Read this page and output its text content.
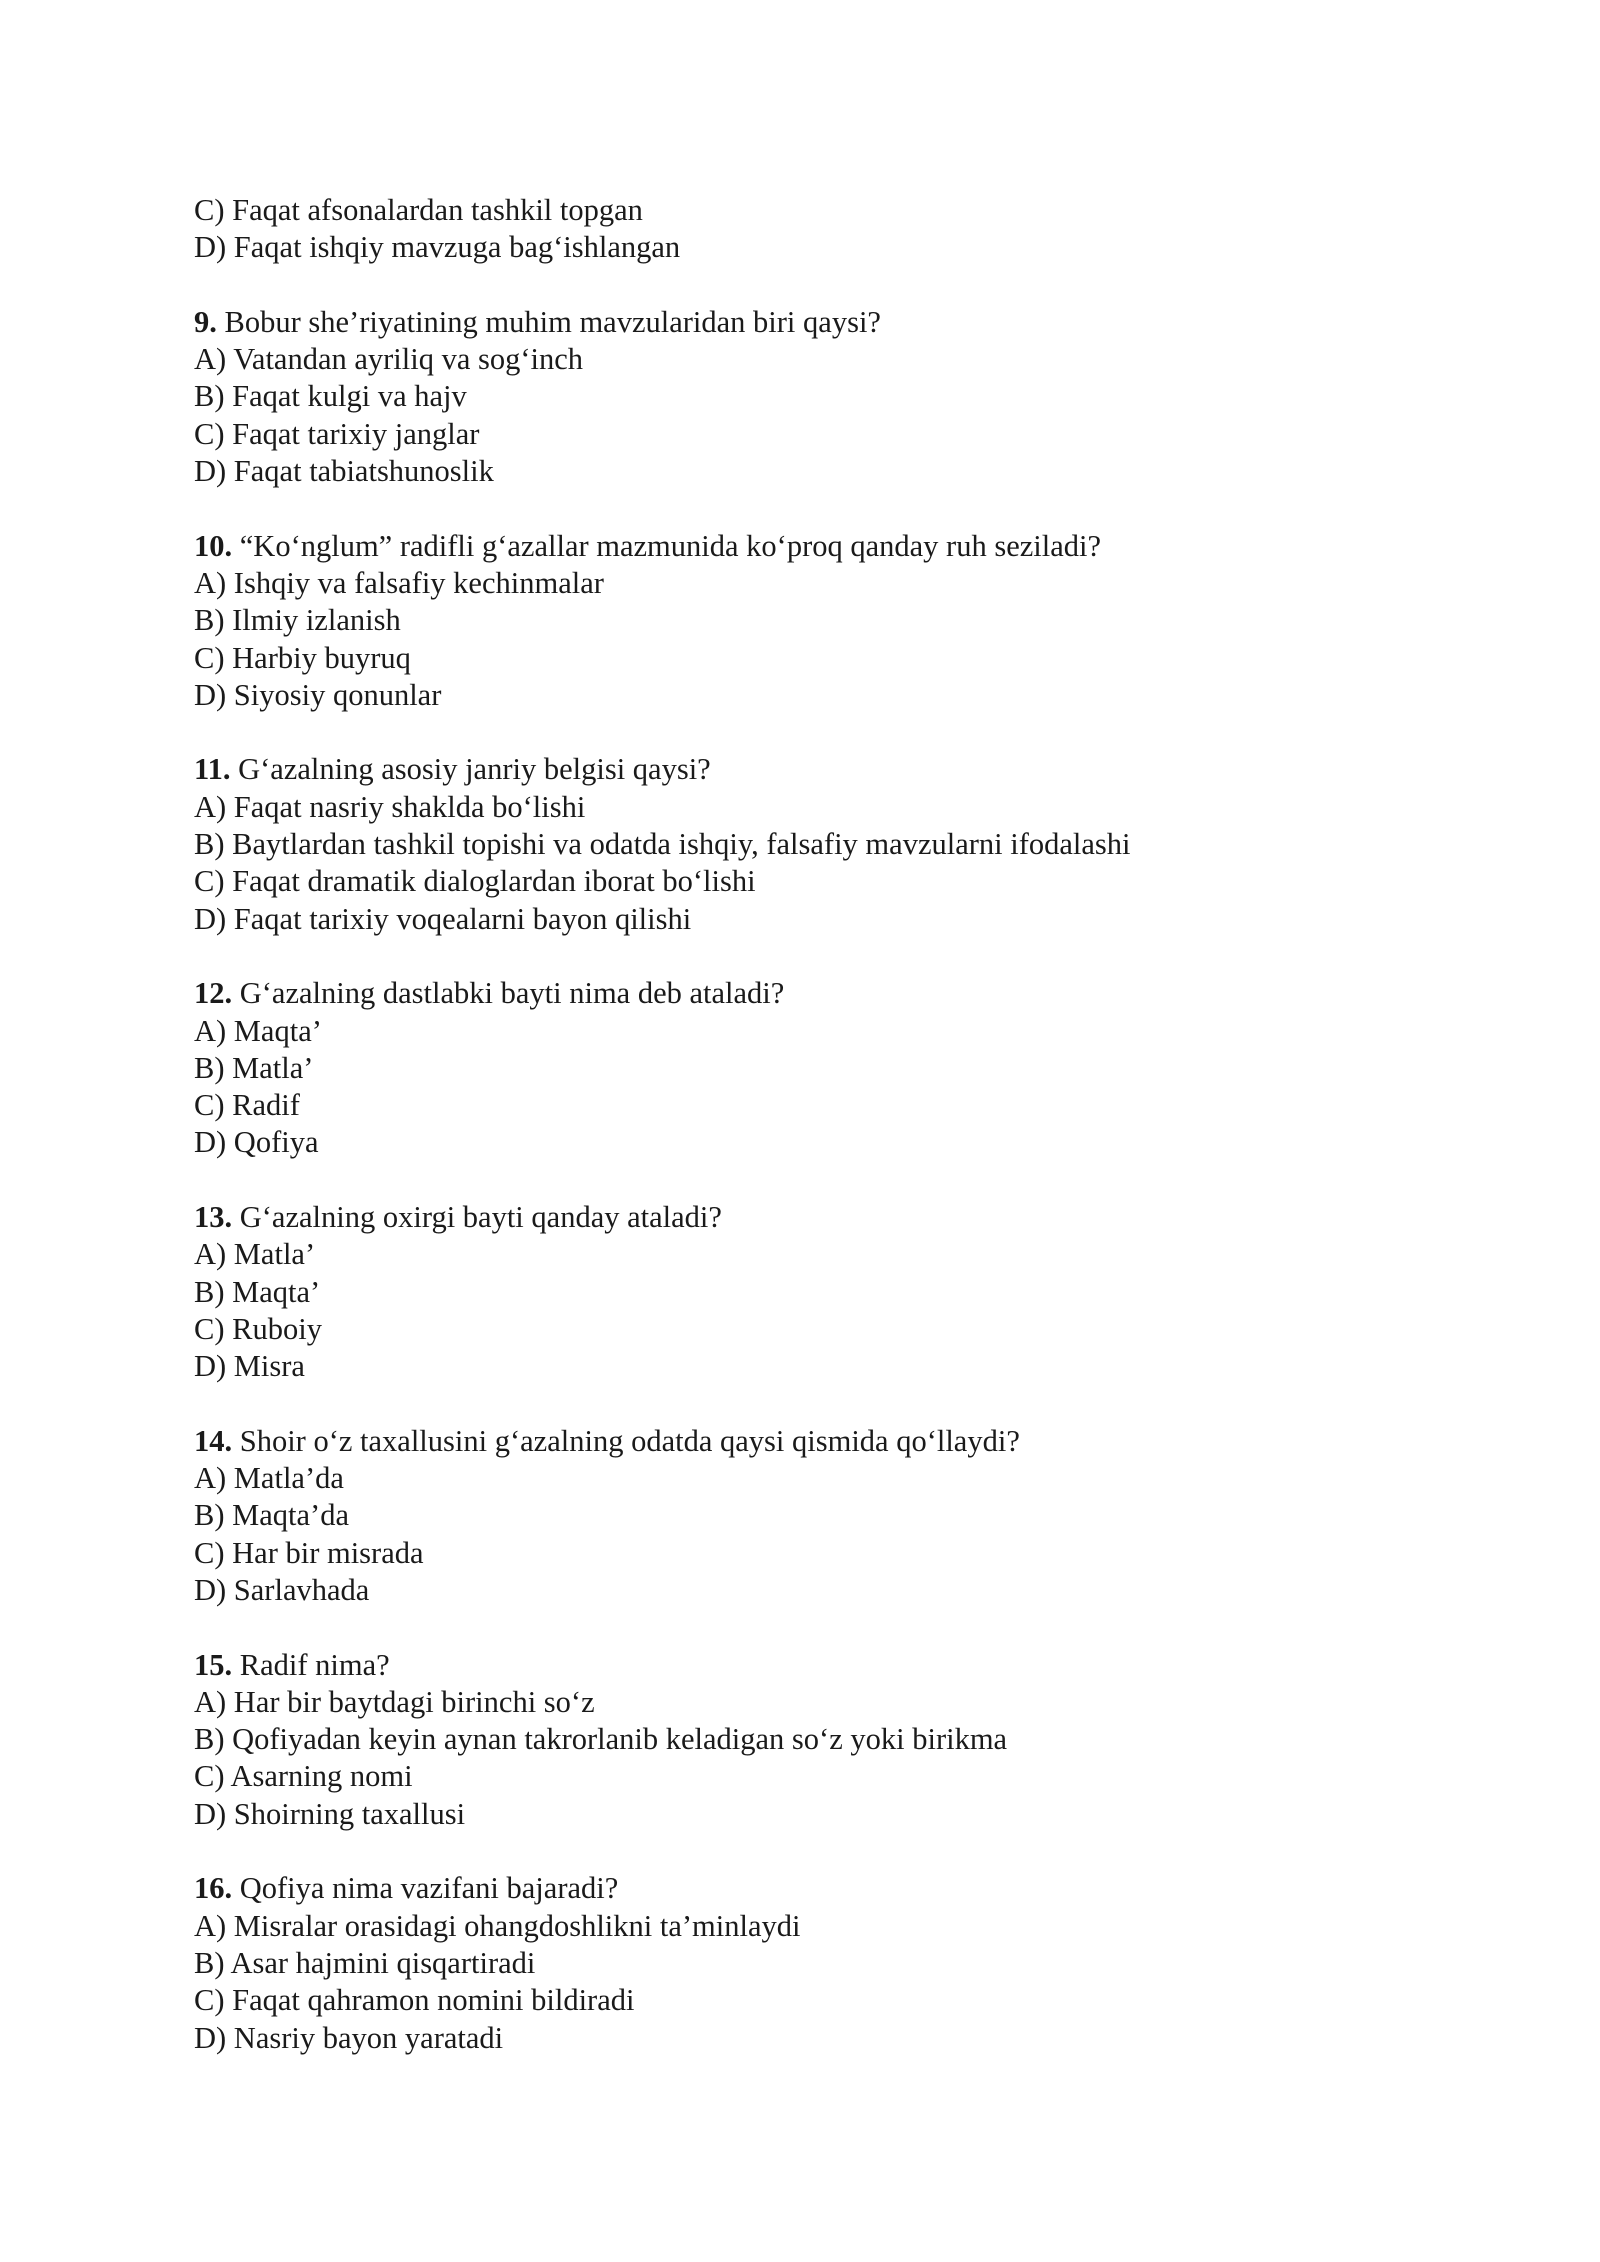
C) Faqat afsonalardan tashkil topgan
D) Faqat ishqiy mavzuga bag‘ishlangan
9. Bobur she’riyatining muhim mavzularidan biri qaysi?
A) Vatandan ayriliq va sog‘inch
B) Faqat kulgi va hajv
C) Faqat tarixiy janglar
D) Faqat tabiatshunoslik
10. “Ko‘nglum” radifli g‘azallar mazmunida ko‘proq qanday ruh seziladi?
A) Ishqiy va falsafiy kechinmalar
B) Ilmiy izlanish
C) Harbiy buyruq
D) Siyosiy qonunlar
11. G‘azalning asosiy janriy belgisi qaysi?
A) Faqat nasriy shaklda bo‘lishi
B) Baytlardan tashkil topishi va odatda ishqiy, falsafiy mavzularni ifodalashi
C) Faqat dramatik dialoglardan iborat bo‘lishi
D) Faqat tarixiy voqealarni bayon qilishi
12. G‘azalning dastlabki bayti nima deb ataladi?
A) Maqta’
B) Matla’
C) Radif
D) Qofiya
13. G‘azalning oxirgi bayti qanday ataladi?
A) Matla’
B) Maqta’
C) Ruboiy
D) Misra
14. Shoir o‘z taxallusini g‘azalning odatda qaysi qismida qo‘llaydi?
A) Matla’da
B) Maqta’da
C) Har bir misrada
D) Sarlavhada
15. Radif nima?
A) Har bir baytdagi birinchi so‘z
B) Qofiyadan keyin aynan takrorlanib keladigan so‘z yoki birikma
C) Asarning nomi
D) Shoirning taxallusi
16. Qofiya nima vazifani bajaradi?
A) Misralar orasidagi ohangdoshlikni ta’minlaydi
B) Asar hajmini qisqartiradi
C) Faqat qahramon nomini bildiradi
D) Nasriy bayon yaratadi
